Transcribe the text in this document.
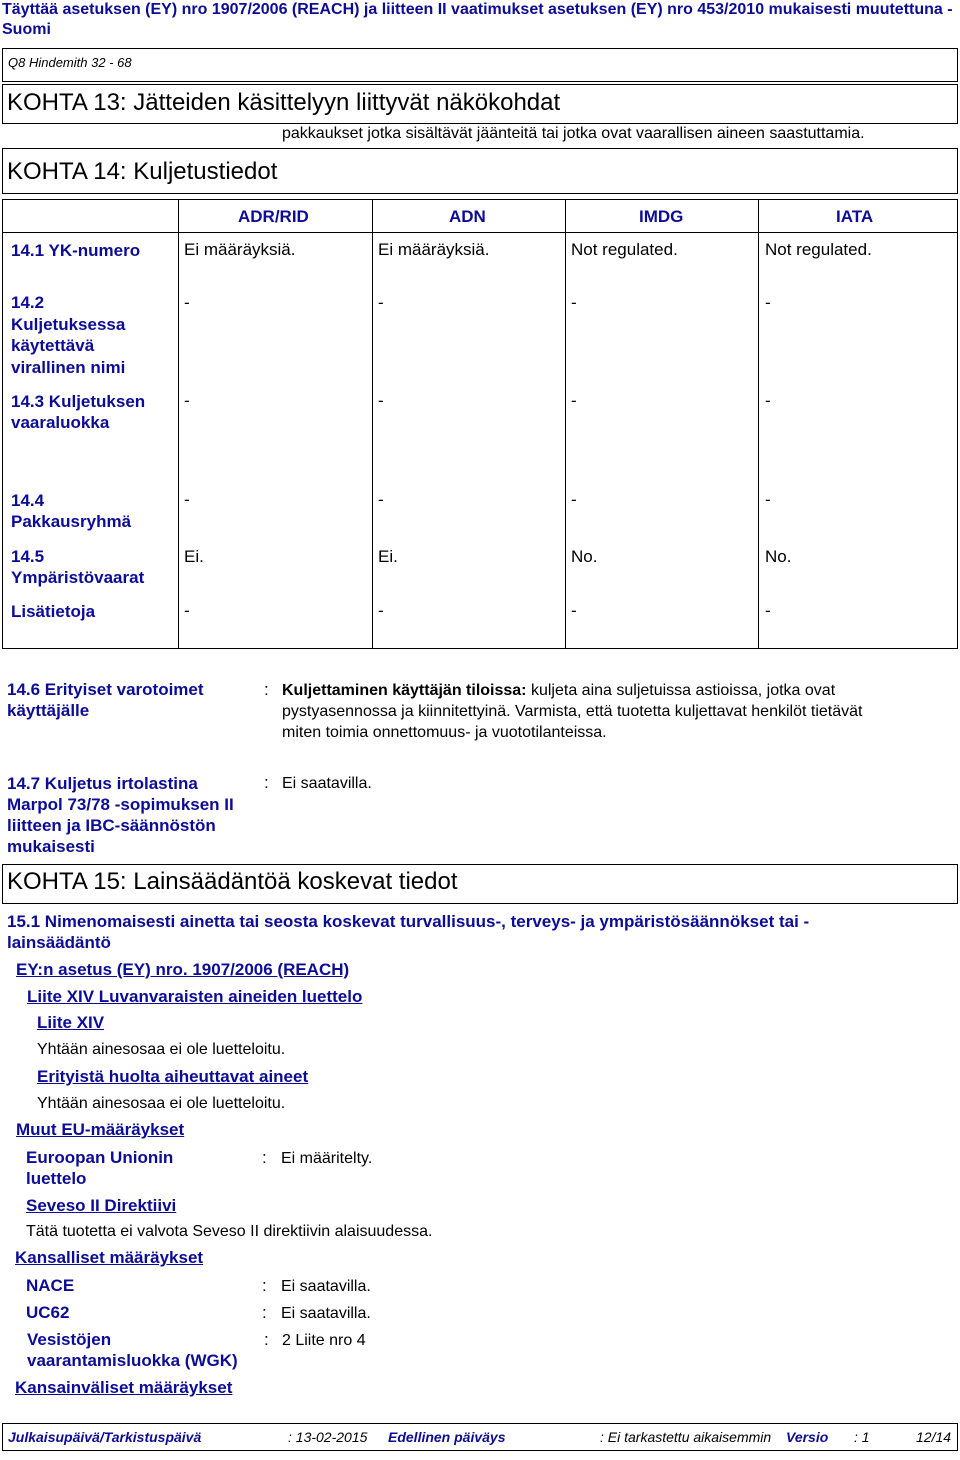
Täyttää asetuksen (EY) nro 1907/2006 (REACH) ja liitteen II vaatimukset asetuksen (EY) nro 453/2010 mukaisesti muutettuna - Suomi
Q8 Hindemith 32 - 68
KOHTA 13: Jätteiden käsittelyyn liittyvät näkökohdat
pakkaukset jotka sisältävät jäänteitä tai jotka ovat vaarallisen aineen saastuttamia.
KOHTA 14: Kuljetustiedot
ADR/RID	ADN	IMDG	IATA
14.1 YK-numero	Ei määräyksiä.	Ei määräyksiä.	Not regulated.	Not regulated.
14.2
Kuljetuksessa
käytettävä
virallinen nimi
-	-	-	-
14.3 Kuljetuksen
vaaraluokka
-	-	-	-
14.4
Pakkausryhmä
-	-	-	-
14.5
Ympäristövaarat
Ei.	Ei.	No.	No.
Lisätietoja	-	-	-	-
14.6 Erityiset varotoimet
käyttäjälle
: Kuljettaminen käyttäjän tiloissa: kuljeta aina suljetuissa astioissa, jotka ovat
pystyasennossa ja kiinnitettyinä. Varmista, että tuotetta kuljettavat henkilöt tietävät
miten toimia onnettomuus- ja vuototilanteissa.
14.7 Kuljetus irtolastina
Marpol 73/78 -sopimuksen II
liitteen ja IBC-säännöstön
mukaisesti
: Ei saatavilla.
KOHTA 15: Lainsäädäntöä koskevat tiedot
15.1 Nimenomaisesti ainetta tai seosta koskevat turvallisuus-, terveys- ja ympäristösäännökset tai -
lainsäädäntö
EY:n asetus (EY) nro. 1907/2006 (REACH)
Liite XIV Luvanvaraisten aineiden luettelo
Liite XIV
Yhtään ainesosaa ei ole luetteloitu.
Erityistä huolta aiheuttavat aineet
Yhtään ainesosaa ei ole luetteloitu.
Muut EU-määräykset
Euroopan Unionin
luettelo
: Ei määritelty.
Seveso II Direktiivi
Tätä tuotetta ei valvota Seveso II direktiivin alaisuudessa.
Kansalliset määräykset
NACE	: Ei saatavilla.
UC62	: Ei saatavilla.
Vesistöjen
vaarantamisluokka (WGK)
: 2 Liite nro 4
Kansainväliset määräykset
Julkaisupäivä/Tarkistuspäivä	: 13-02-2015 Edellinen päiväys	: Ei tarkastettu aikaisemmin Versio : 1	12/14
